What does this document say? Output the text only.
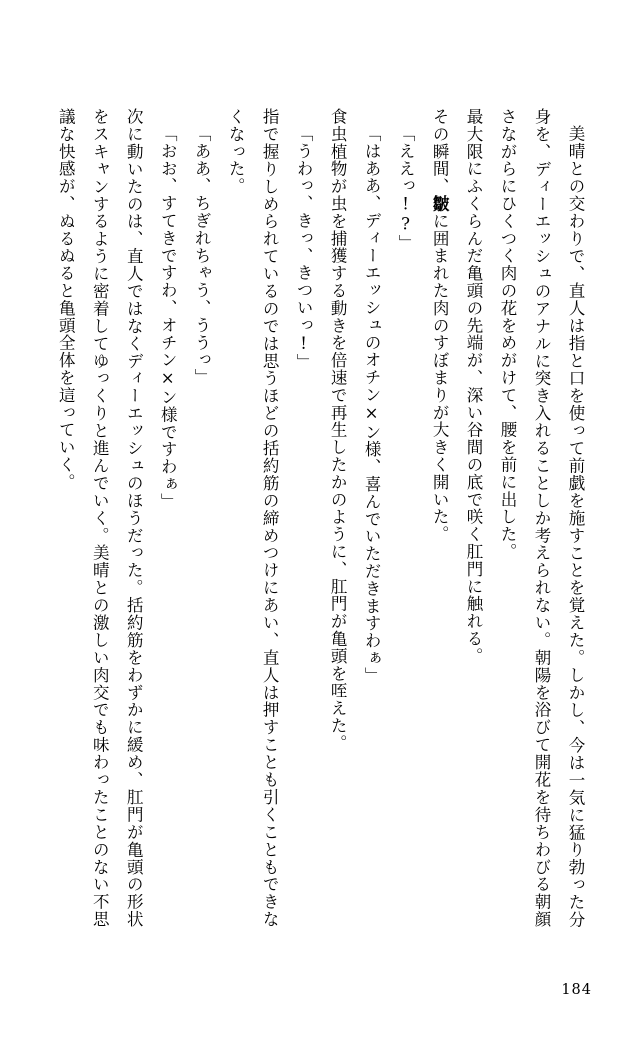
美晴との交わりで、直人は指と口を使って前戯を施すことを覚えた。しかし、今は一気に猛り勃った分身を、ディーエッシュのアナルに突き入れることしか考えられない。朝陽を浴びて開花を待ちわびる朝顔さながらにひくつく肉の花をめがけて、腰を前に出した。

最大限にふくらんだ亀頭の先端が、深い谷間の底で咲く肛門に触れる。

その瞬間、皺に囲まれた肉のすぼまりが大きく開いた。

「ええっ!?」

「はああ、ディーエッシュのオチン×ン様、喜んでいただきますわぁ」

食虫植物が虫を捕獲する動きを倍速で再生したかのように、肛門が亀頭を咥えた。

「うわっ、きっ、きついっ!」

指で握りしめられているのでは思うほどの括約筋の締めつけにあい、直人は押すことも引くこともできなくなった。

「ああ、ちぎれちゃう、ううっ」

「おお、すてきですわ、オチン×ン様ですわぁ」

次に動いたのは、直人ではなくディーエッシュのほうだった。括約筋をわずかに緩め、肛門が亀頭の形状をスキャンするように密着してゆっくりと進んでいく。美晴との激しい肉交でも味わったことのない不思議な快感が、ぬるぬると亀頭全体を這っていく。

184
